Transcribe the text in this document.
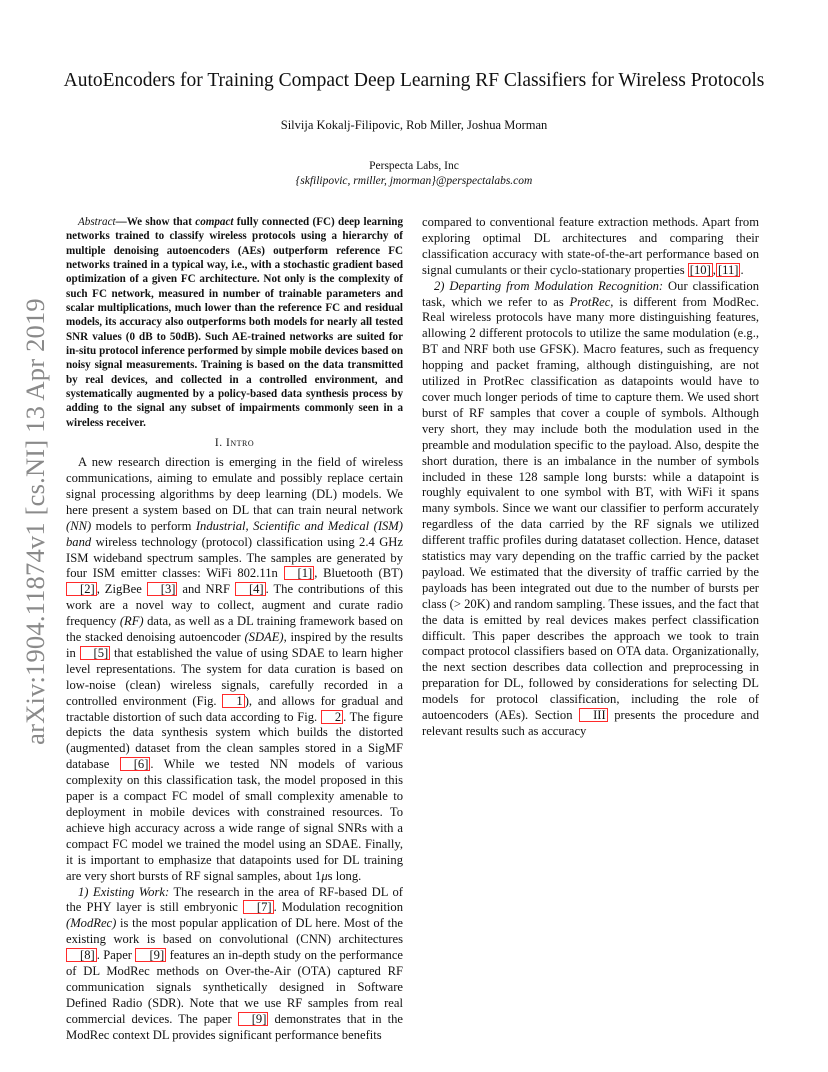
arXiv:1904.11874v1 [cs.NI] 13 Apr 2019
AutoEncoders for Training Compact Deep Learning RF Classifiers for Wireless Protocols
Silvija Kokalj-Filipovic, Rob Miller, Joshua Morman
Perspecta Labs, Inc
{skfilipovic, rmiller, jmorman}@perspectalabs.com

Abstract—We show that compact fully connected (FC) deep learning networks trained to classify wireless protocols using a hierarchy of multiple denoising autoencoders (AEs) outperform reference FC networks trained in a typical way, i.e., with a stochastic gradient based optimization of a given FC architecture. Not only is the complexity of such FC network, measured in number of trainable parameters and scalar multiplications, much lower than the reference FC and residual models, its accuracy also outperforms both models for nearly all tested SNR values (0 dB to 50dB). Such AE-trained networks are suited for in-situ protocol inference performed by simple mobile devices based on noisy signal measurements. Training is based on the data transmitted by real devices, and collected in a controlled environment, and systematically augmented by a policy-based data synthesis process by adding to the signal any subset of impairments commonly seen in a wireless receiver.

I. Intro

A new research direction is emerging in the field of wireless communications, aiming to emulate and possibly replace certain signal processing algorithms by deep learning (DL) models. We here present a system based on DL that can train neural network (NN) models to perform Industrial, Scientific and Medical (ISM) band wireless technology (protocol) classification using 2.4 GHz ISM wideband spectrum samples. The samples are generated by four ISM emitter classes: WiFi 802.11n [1] , Bluetooth (BT) [2] , ZigBee [3] and NRF [4] . The contributions of this work are a novel way to collect, augment and curate radio frequency (RF) data, as well as a DL training framework based on the stacked denoising autoencoder (SDAE), inspired by the results in [5] that established the value of using SDAE to learn higher level representations. The system for data curation is based on low-noise (clean) wireless signals, carefully recorded in a controlled environment (Fig. 1 ), and allows for gradual and tractable distortion of such data according to Fig. 2 . The figure depicts the data synthesis system which builds the distorted (augmented) dataset from the clean samples stored in a SigMF database [6] . While we tested NN models of various complexity on this classification task, the model proposed in this paper is a compact FC model of small complexity amenable to deployment in mobile devices with constrained resources. To achieve high accuracy across a wide range of signal SNRs with a compact FC model we trained the model using an SDAE. Finally, it is important to emphasize that datapoints used for DL training are very short bursts of RF signal samples, about 1μs long.

1) Existing Work: The research in the area of RF-based DL of the PHY layer is still embryonic [7] . Modulation recognition (ModRec) is the most popular application of DL here. Most of the existing work is based on convolutional (CNN) architectures [8] . Paper [9] features an in-depth study on the performance of DL ModRec methods on Over-the-Air (OTA) captured RF communication signals synthetically designed in Software Defined Radio (SDR). Note that we use RF samples from real commercial devices. The paper [9] demonstrates that in the ModRec context DL provides significant performance benefits

compared to conventional feature extraction methods. Apart from exploring optimal DL architectures and comparing their classification accuracy with state-of-the-art performance based on signal cumulants or their cyclo-stationary properties [10] , [11] .

2) Departing from Modulation Recognition: Our classification task, which we refer to as ProtRec, is different from ModRec. Real wireless protocols have many more distinguishing features, allowing 2 different protocols to utilize the same modulation (e.g., BT and NRF both use GFSK). Macro features, such as frequency hopping and packet framing, although distinguishing, are not utilized in ProtRec classification as datapoints would have to cover much longer periods of time to capture them. We used short burst of RF samples that cover a couple of symbols. Although very short, they may include both the modulation used in the preamble and modulation specific to the payload. Also, despite the short duration, there is an imbalance in the number of symbols included in these 128 sample long bursts: while a datapoint is roughly equivalent to one symbol with BT, with WiFi it spans many symbols. Since we want our classifier to perform accurately regardless of the data carried by the RF signals we utilized different traffic profiles during datataset collection. Hence, dataset statistics may vary depending on the traffic carried by the packet payload. We estimated that the diversity of traffic carried by the payloads has been integrated out due to the number of bursts per class (> 20K) and random sampling. These issues, and the fact that the data is emitted by real devices makes perfect classification difficult. This paper describes the approach we took to train compact protocol classifiers based on OTA data. Organizationally, the next section describes data collection and preprocessing in preparation for DL, followed by considerations for selecting DL models for protocol classification, including the role of autoencoders (AEs). Section III presents the procedure and relevant results such as accuracy
